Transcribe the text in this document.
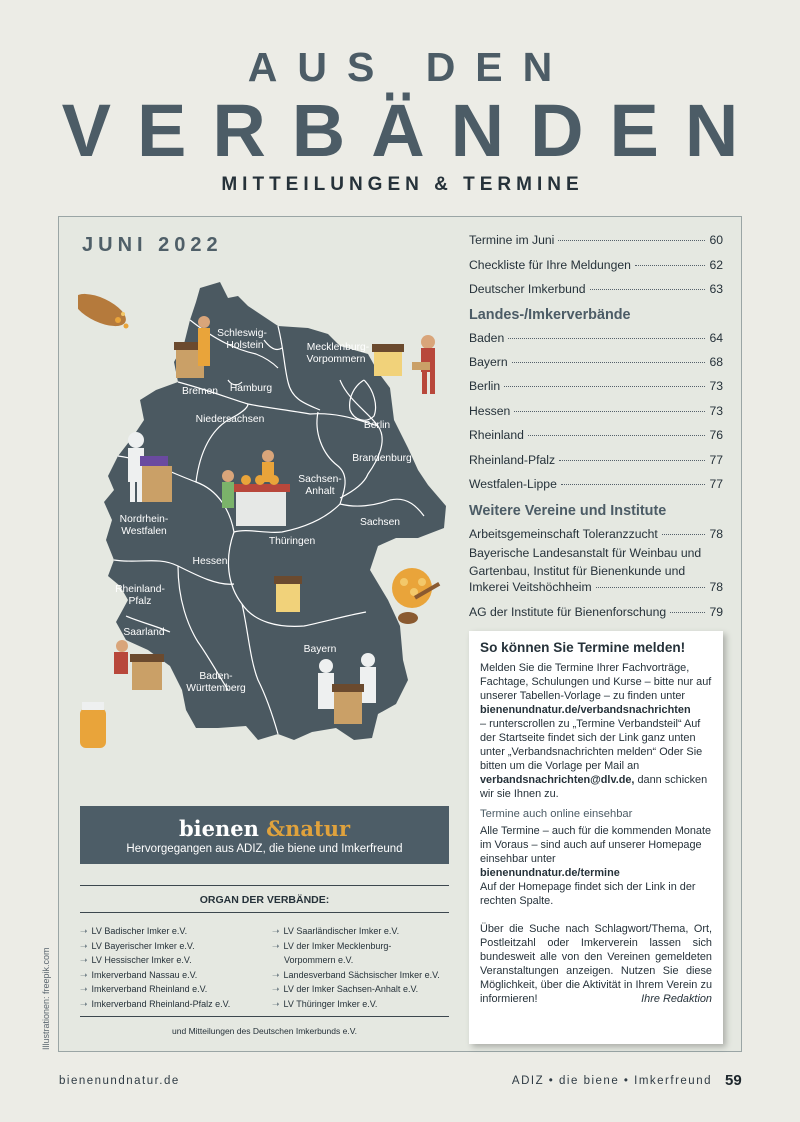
AUS DEN
VERBÄNDEN
MITTEILUNGEN & TERMINE
JUNI 2022
Schleswig-
Holstein	Mecklenburg-
Vorpommern
Hamburg
Bremen
Niedersachsen
Berlin
Brandenburg
Sachsen-
Anhalt
Sachsen
Nordrhein-
Westfalen
Hessen
Thüringen
Rheinland-
Pfalz
Saarland
Bayern
Baden-
Württemberg
bienen &natur
Hervorgegangen aus ADIZ, die biene und Imkerfreund
ORGAN DER VERBÄNDE:
➝ LV Badischer Imker e.V.
➝ LV Bayerischer Imker e.V.
➝ LV Hessischer Imker e.V.
➝ Imkerverband Nassau e.V.
➝ Imkerverband Rheinland e.V.
➝ Imkerverband Rheinland-Pfalz e.V.
➝ LV Saarländischer Imker e.V.
➝ LV der Imker Mecklenburg-
Vorpommern e.V.
➝ Landesverband Sächsischer Imker e.V.
➝ LV der Imker Sachsen-Anhalt e.V.
➝ LV Thüringer Imker e.V.
und Mitteilungen des Deutschen Imkerbunds e.V.
Illustrationen: freepik.com
Termine im Juni	60
Checkliste für Ihre Meldungen	62
Deutscher Imkerbund	63
Landes-/Imkerverbände
Baden	64
Bayern	68
Berlin	73
Hessen	73
Rheinland	76
Rheinland-Pfalz	77
Westfalen-Lippe	77
Weitere Vereine und Institute
Arbeitsgemeinschaft Toleranzzucht	78
Bayerische Landesanstalt für Weinbau und
Gartenbau, Institut für Bienenkunde und
Imkerei Veitshöchheim	78
AG der Institute für Bienenforschung	79
So können Sie Termine melden!
Melden Sie die Termine Ihrer Fachvorträge, Fachtage, Schulungen und Kurse – bitte nur auf unserer Tabellen-Vorlage – zu finden unter
bienenundnatur.de/verbandsnachrichten
– runterscrollen zu „Termine Verbandsteil“ Auf der Startseite findet sich der Link ganz unten unter „Verbandsnachrichten melden“ Oder Sie bitten um die Vorlage per Mail an verbandsnachrichten@dlv.de, dann schicken wir sie Ihnen zu.
Termine auch online einsehbar
Alle Termine – auch für die kommenden Monate im Voraus – sind auch auf unserer Homepage einsehbar unter
bienenundnatur.de/termine
Auf der Homepage findet sich der Link in der rechten Spalte.
Über die Suche nach Schlagwort/Thema, Ort, Postleitzahl oder Imkerverein lassen sich bundesweit alle von den Vereinen gemeldeten Veranstaltungen anzeigen. Nutzen Sie diese Möglichkeit, über die Aktivität in Ihrem Verein zu informieren!	Ihre Redaktion
bienenundnatur.de	ADIZ • die biene • Imkerfreund 59
